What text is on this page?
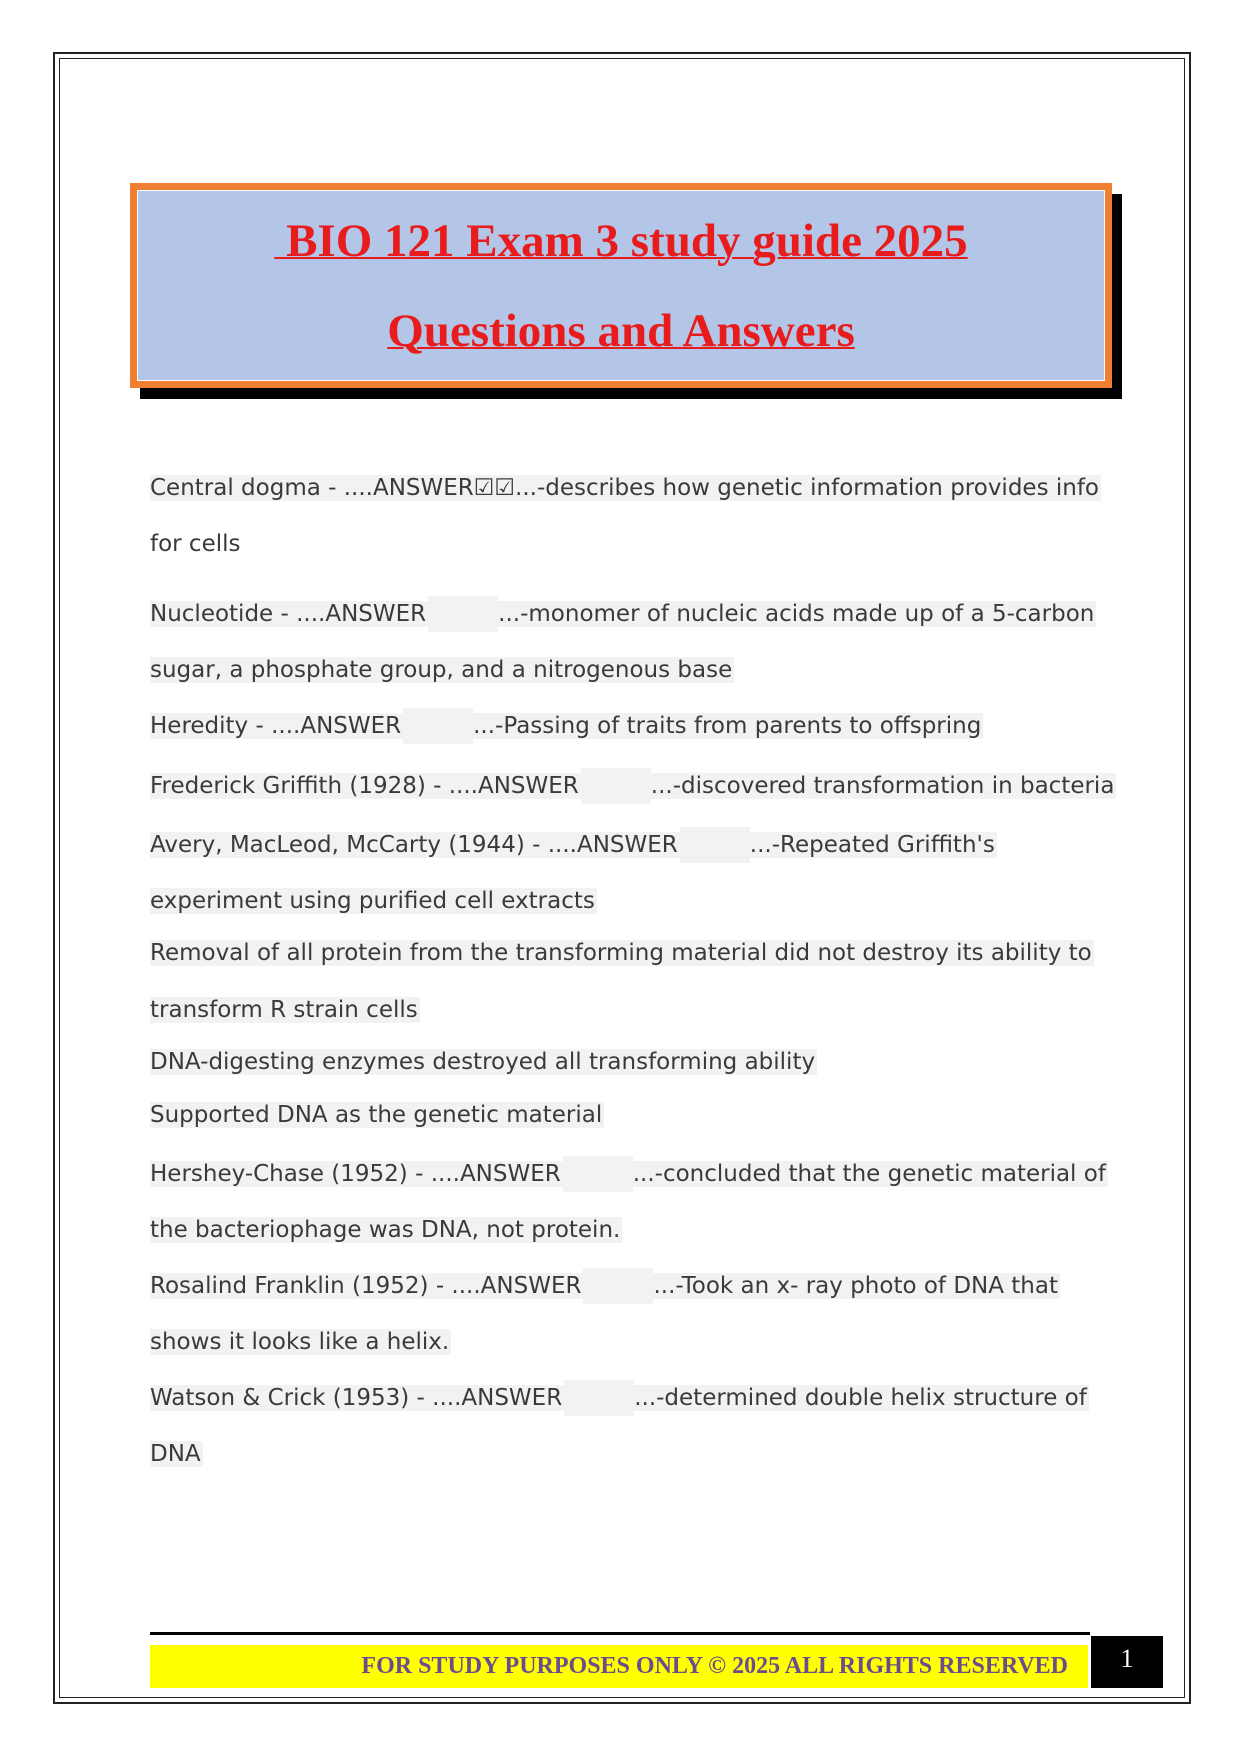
BIO 121 Exam 3 study guide 2025
Questions and Answers
Central dogma - ....ANSWER☑☑...-describes how genetic information provides info
for cells
Nucleotide - ....ANSWER	...-monomer of nucleic acids made up of a 5-carbon
sugar, a phosphate group, and a nitrogenous base
Heredity - ....ANSWER	...-Passing of traits from parents to offspring
Frederick Griffith (1928) - ....ANSWER	...-discovered transformation in bacteria
Avery, MacLeod, McCarty (1944) - ....ANSWER	...-Repeated Griffith's
experiment using purified cell extracts
Removal of all protein from the transforming material did not destroy its ability to
transform R strain cells
DNA-digesting enzymes destroyed all transforming ability
Supported DNA as the genetic material
Hershey-Chase (1952) - ....ANSWER	...-concluded that the genetic material of
the bacteriophage was DNA, not protein.
Rosalind Franklin (1952) - ....ANSWER	...-Took an x- ray photo of DNA that
shows it looks like a helix.
Watson & Crick (1953) - ....ANSWER	...-determined double helix structure of
DNA
FOR STUDY PURPOSES ONLY © 2025 ALL RIGHTS RESERVED	1
